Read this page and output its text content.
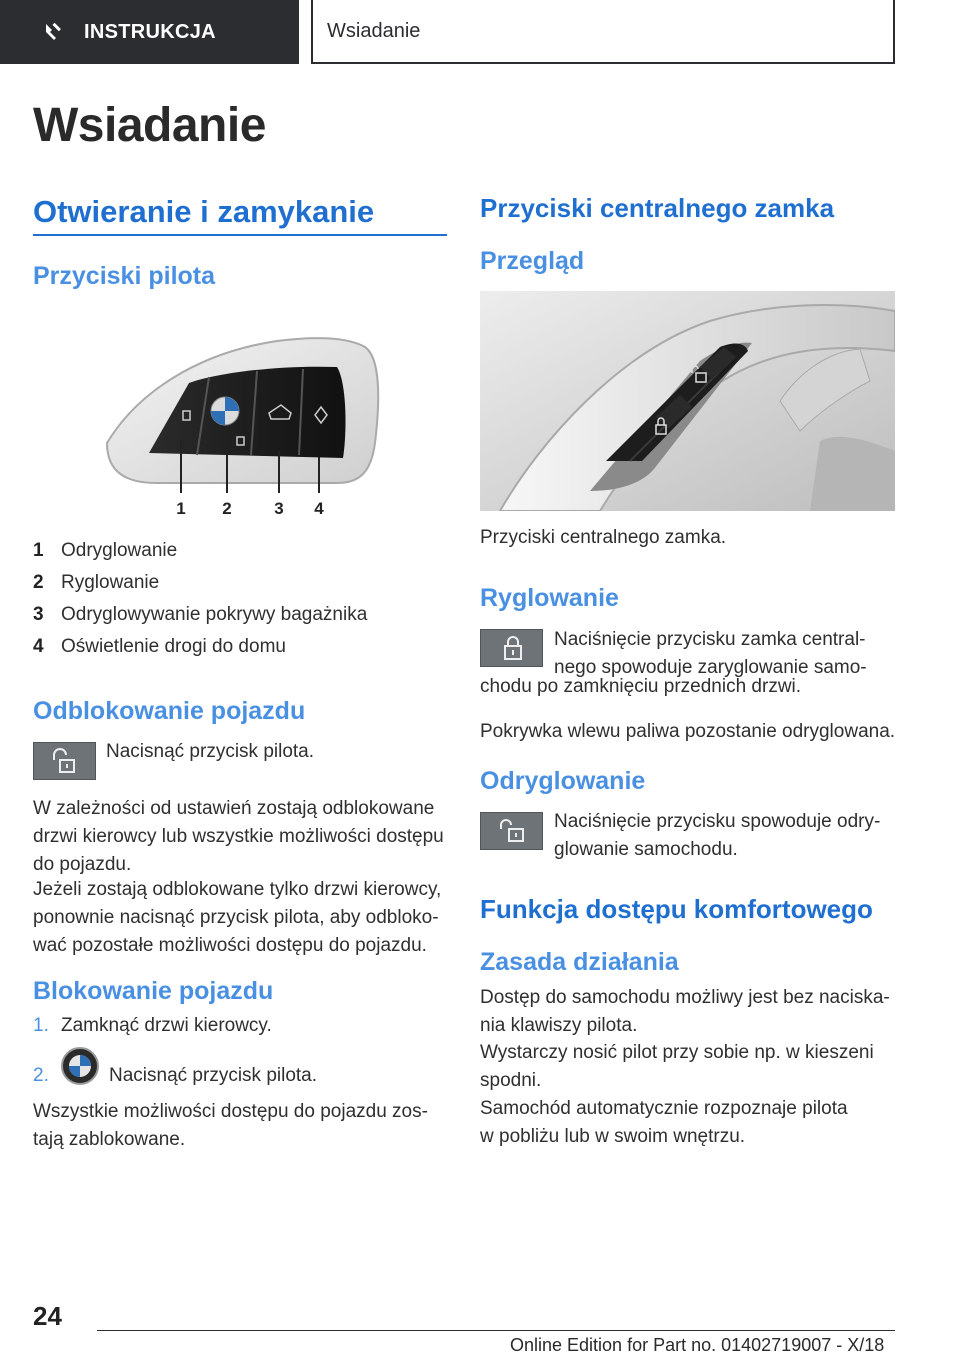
INSTRUKCJA	Wsiadanie
Wsiadanie
Otwieranie i zamykanie
Przyciski pilota
1 2	3 4
1 Odryglowanie
2 Ryglowanie
3 Odryglowywanie pokrywy bagażnika
4 Oświetlenie drogi do domu
Odblokowanie pojazdu
Nacisnąć przycisk pilota.
W zależności od ustawień zostają odblokowane
drzwi kierowcy lub wszystkie możliwości dostępu
do pojazdu.
Jeżeli zostają odblokowane tylko drzwi kierowcy,
ponownie nacisnąć przycisk pilota, aby odbloko-
wać pozostałe możliwości dostępu do pojazdu.
Blokowanie pojazdu
1. Zamknąć drzwi kierowcy.
2.	Nacisnąć przycisk pilota.
Wszystkie możliwości dostępu do pojazdu zos-
tają zablokowane.
Przyciski centralnego zamka
Przegląd
Przyciski centralnego zamka.
Ryglowanie
Naciśnięcie przycisku zamka central-
nego spowoduje zaryglowanie samo-
chodu po zamknięciu przednich drzwi.
Pokrywka wlewu paliwa pozostanie odryglowana.
Odryglowanie
Naciśnięcie przycisku spowoduje odry-
glowanie samochodu.
Funkcja dostępu komfortowego
Zasada działania
Dostęp do samochodu możliwy jest bez naciska-
nia klawiszy pilota.
Wystarczy nosić pilot przy sobie np. w kieszeni
spodni.
Samochód automatycznie rozpoznaje pilota
w pobliżu lub w swoim wnętrzu.
24
Online Edition for Part no. 01402719007 - X/18
